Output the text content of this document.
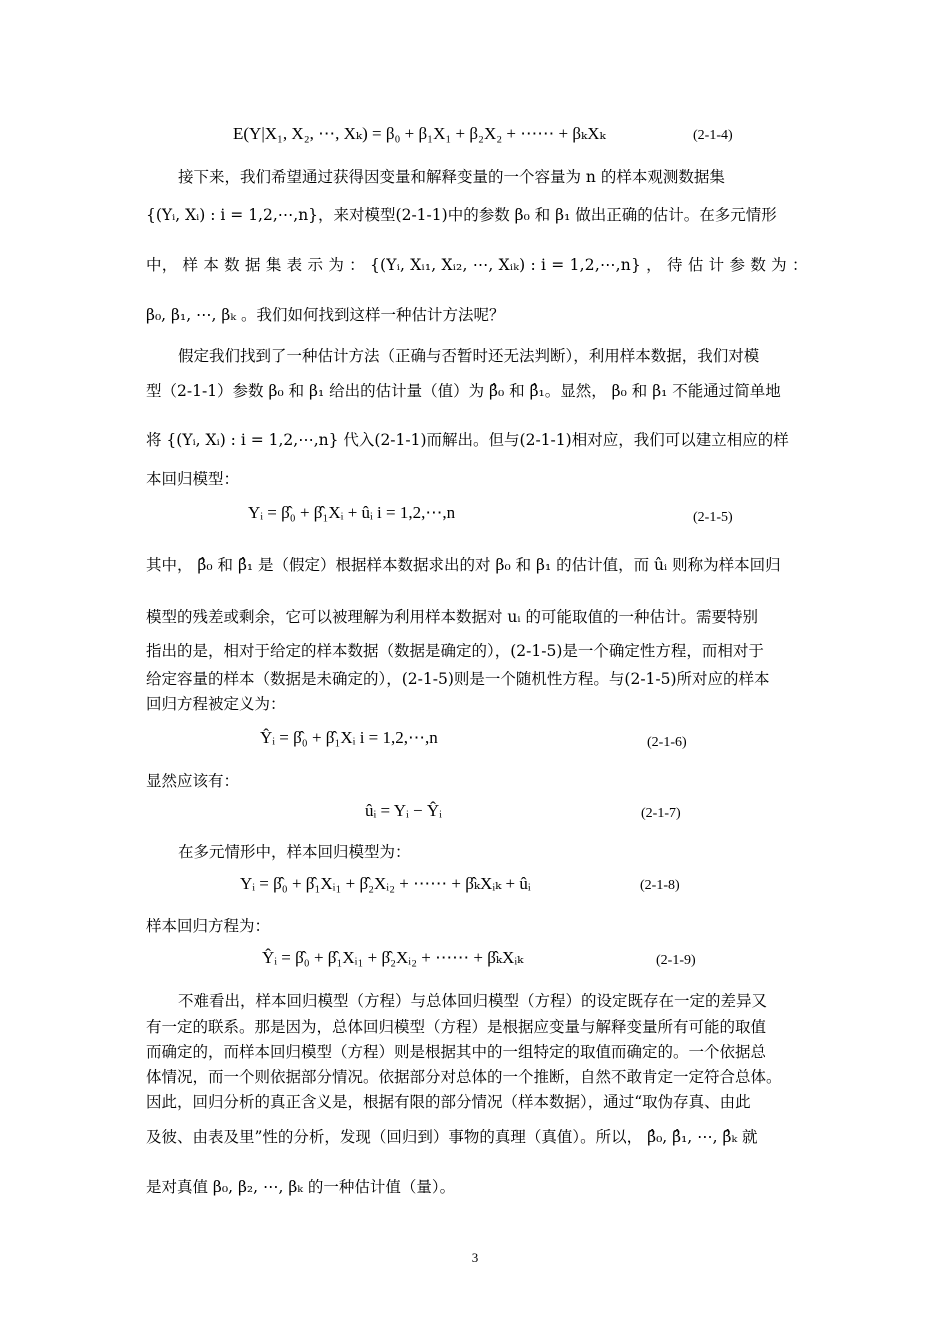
E(Y|X₁, X₂, ⋯, Xₖ) = β₀ + β₁X₁ + β₂X₂ + ⋯⋯ + βₖXₖ	(2-1-4)
接下来，我们希望通过获得因变量和解释变量的一个容量为 n 的样本观测数据集
{(Yᵢ, Xᵢ) : i = 1,2,⋯,n}，来对模型(2-1-1)中的参数 β₀ 和 β₁ 做出正确的估计。在多元情形
中， 样 本 数 据 集 表 示 为 ： {(Yᵢ, Xᵢ₁, Xᵢ₂, ⋯, Xᵢₖ) : i = 1,2,⋯,n} ， 待 估 计 参 数 为 ：
β₀, β₁, ⋯, βₖ 。我们如何找到这样一种估计方法呢？
假定我们找到了一种估计方法（正确与否暂时还无法判断），利用样本数据，我们对模
型（2-1-1）参数 β₀ 和 β₁ 给出的估计量（值）为 β̂₀ 和 β̂₁。显然， β₀ 和 β₁ 不能通过简单地
将 {(Yᵢ, Xᵢ) : i = 1,2,⋯,n} 代入(2-1-1)而解出。但与(2-1-1)相对应，我们可以建立相应的样
本回归模型：
Yᵢ = β̂₀ + β̂₁Xᵢ + ûᵢ i = 1,2,⋯,n	(2-1-5)
其中， β̂₀ 和 β̂₁ 是（假定）根据样本数据求出的对 β₀ 和 β₁ 的估计值，而 ûᵢ 则称为样本回归
模型的残差或剩余，它可以被理解为利用样本数据对 uᵢ 的可能取值的一种估计。需要特别
指出的是，相对于给定的样本数据（数据是确定的），(2-1-5)是一个确定性方程，而相对于
给定容量的样本（数据是未确定的），(2-1-5)则是一个随机性方程。与(2-1-5)所对应的样本
回归方程被定义为：
Ŷᵢ = β̂₀ + β̂₁Xᵢ i = 1,2,⋯,n	(2-1-6)
显然应该有：
ûᵢ = Yᵢ − Ŷᵢ	(2-1-7)
在多元情形中，样本回归模型为：
Yᵢ = β̂₀ + β̂₁Xᵢ₁ + β̂₂Xᵢ₂ + ⋯⋯ + β̂ₖXᵢₖ + ûᵢ	(2-1-8)
样本回归方程为：
Ŷᵢ = β̂₀ + β̂₁Xᵢ₁ + β̂₂Xᵢ₂ + ⋯⋯ + β̂ₖXᵢₖ	(2-1-9)
不难看出，样本回归模型（方程）与总体回归模型（方程）的设定既存在一定的差异又
有一定的联系。那是因为，总体回归模型（方程）是根据应变量与解释变量所有可能的取值
而确定的，而样本回归模型（方程）则是根据其中的一组特定的取值而确定的。一个依据总
体情况，而一个则依据部分情况。依据部分对总体的一个推断，自然不敢肯定一定符合总体。
因此，回归分析的真正含义是，根据有限的部分情况（样本数据），通过“取伪存真、由此
及彼、由表及里”性的分析，发现（回归到）事物的真理（真值）。所以， β̂₀, β̂₁, ⋯, β̂ₖ 就
是对真值 β₀, β₂, ⋯, βₖ 的一种估计值（量）。
3
